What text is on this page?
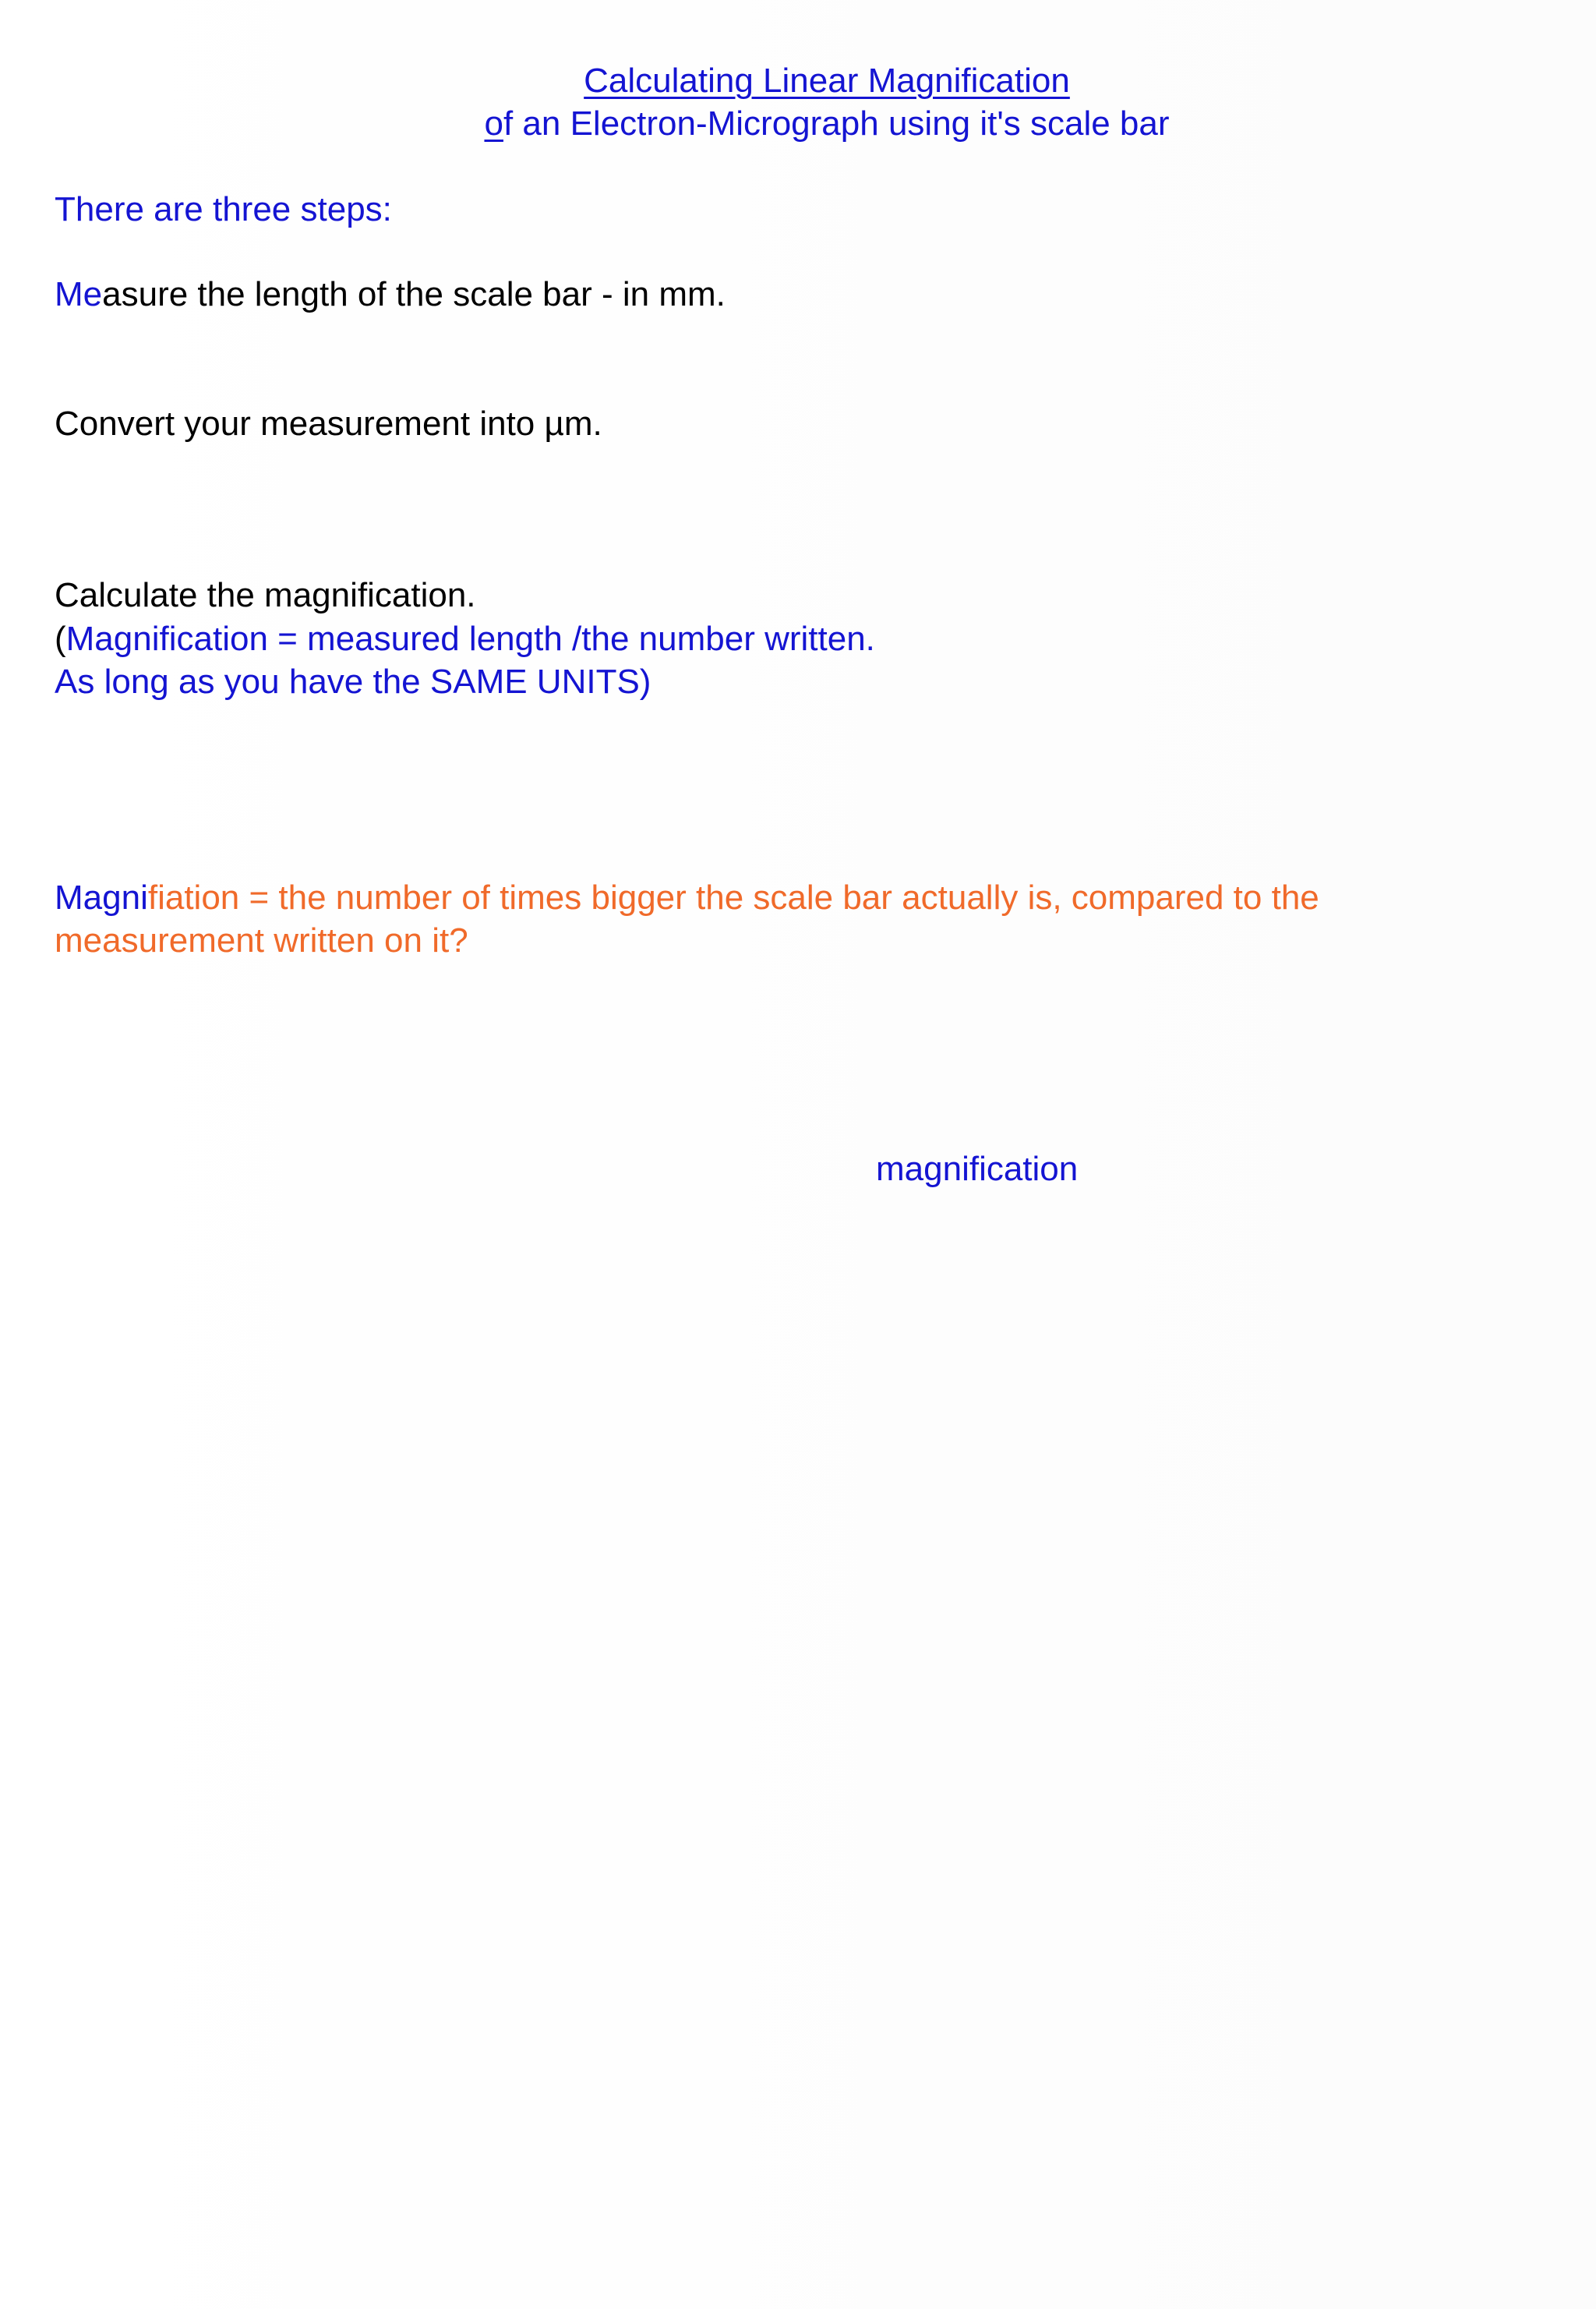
Calculating Linear Magnification
of an Electron-Micrograph using it's scale bar
There are three steps:
Measure the length of the scale bar - in mm.
Convert your measurement into µm.
Calculate the magnification.
(Magnification = measured length /the number written.
As long as you have the SAME UNITS)
Magnifiation = the number of times bigger the scale bar actually is, compared to the
measurement written on it?
magnification
